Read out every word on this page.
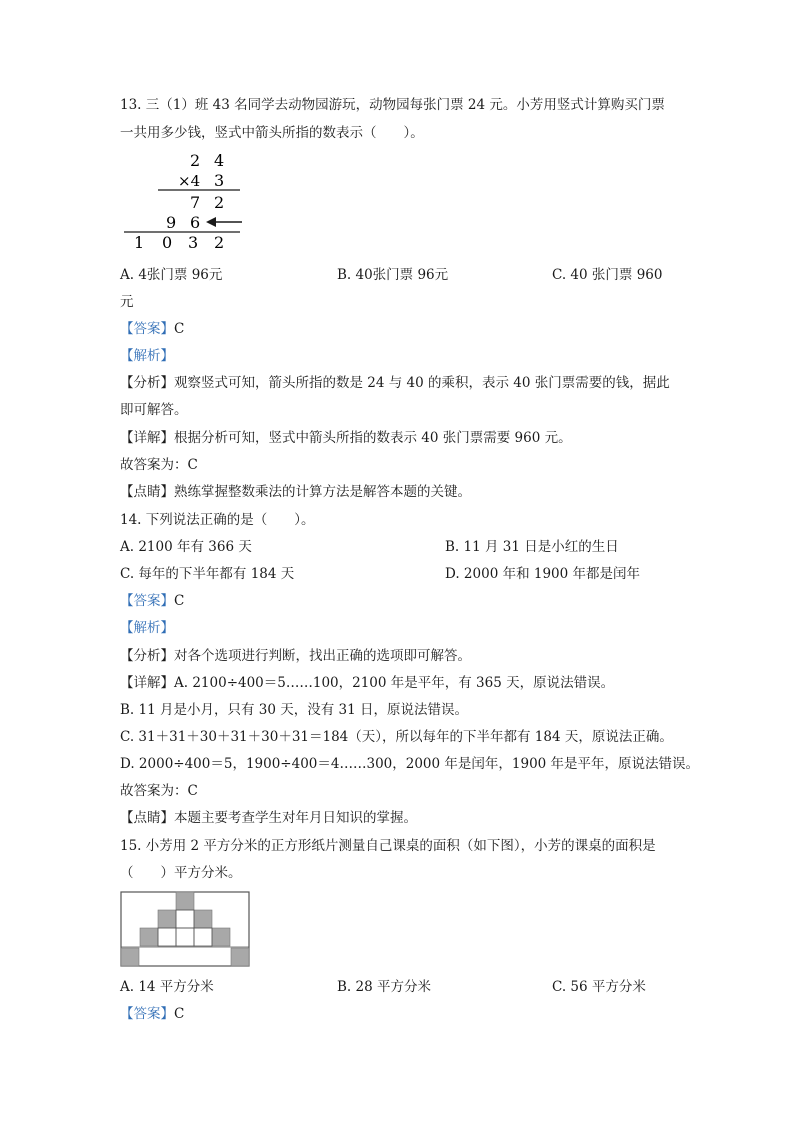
13. 三（1）班 43 名同学去动物园游玩，动物园每张门票 24 元。小芳用竖式计算购买门票
一共用多少钱，竖式中箭头所指的数表示（　　）。
2 4
×4 3
7 2
9 6
1 0 3 2
A. 4张门票 96元	B. 40张门票 96元	C. 40 张门票 960
元
【答案】C
【解析】
【分析】观察竖式可知，箭头所指的数是 24 与 40 的乘积，表示 40 张门票需要的钱，据此
即可解答。
【详解】根据分析可知，竖式中箭头所指的数表示 40 张门票需要 960 元。
故答案为：C
【点睛】熟练掌握整数乘法的计算方法是解答本题的关键。
14. 下列说法正确的是（　　）。
A. 2100 年有 366 天	B. 11 月 31 日是小红的生日
C. 每年的下半年都有 184 天	D. 2000 年和 1900 年都是闰年
【答案】C
【解析】
【分析】对各个选项进行判断，找出正确的选项即可解答。
【详解】A. 2100÷400＝5……100，2100 年是平年，有 365 天，原说法错误。
B. 11 月是小月，只有 30 天，没有 31 日，原说法错误。
C. 31＋31＋30＋31＋30＋31＝184（天），所以每年的下半年都有 184 天，原说法正确。
D. 2000÷400＝5，1900÷400＝4……300，2000 年是闰年，1900 年是平年，原说法错误。
故答案为：C
【点睛】本题主要考查学生对年月日知识的掌握。
15. 小芳用 2 平方分米的正方形纸片测量自己课桌的面积（如下图），小芳的课桌的面积是
（　　）平方分米。
A. 14 平方分米	B. 28 平方分米	C. 56 平方分米
【答案】C
